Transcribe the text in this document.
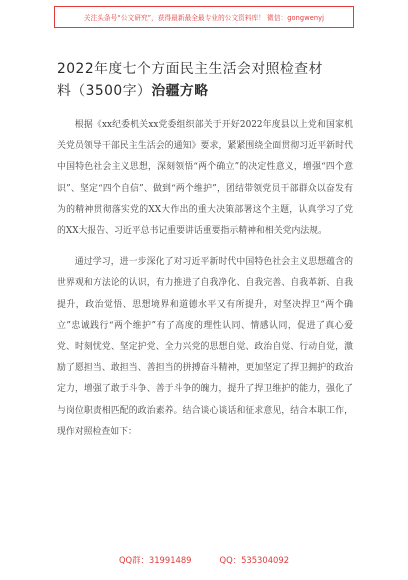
关注头条号“公文研究”，获得最新最全最专业的公文资料库！ 微信：gongwenyj
2022年度七个方面民主生活会对照检查材
料（3500字）治疆方略

根据《xx纪委机关xx党委组织部关于开好2022年度县以上党和国家机关党员领导干部民主生活会的通知》要求，紧紧围绕全面贯彻习近平新时代中国特色社会主义思想，深刻领悟“两个确立”的决定性意义，增强“四个意识”、坚定“四个自信”、做到“两个维护”，团结带领党员干部群众以奋发有为的精神贯彻落实党的XX大作出的重大决策部署这个主题，认真学习了党的XX大报告、习近平总书记重要讲话重要指示精神和相关党内法规。

通过学习，进一步深化了对习近平新时代中国特色社会主义思想蕴含的世界观和方法论的认识，有力推进了自我净化、自我完善、自我革新、自我提升，政治觉悟、思想境界和道德水平又有所提升，对坚决捍卫“两个确立”忠诚践行“两个维护”有了高度的理性认同、情感认同，促进了真心爱党、时刻忧党、坚定护党、全力兴党的思想自觉、政治自觉、行动自觉，激励了愿担当、敢担当、善担当的拼搏奋斗精神，更加坚定了捍卫拥护的政治定力，增强了敢于斗争、善于斗争的魄力，提升了捍卫维护的能力，强化了与岗位职责相匹配的政治素养。结合谈心谈话和征求意见，结合本职工作，现作对照检查如下：

QQ群：31991489	QQ：535304092
